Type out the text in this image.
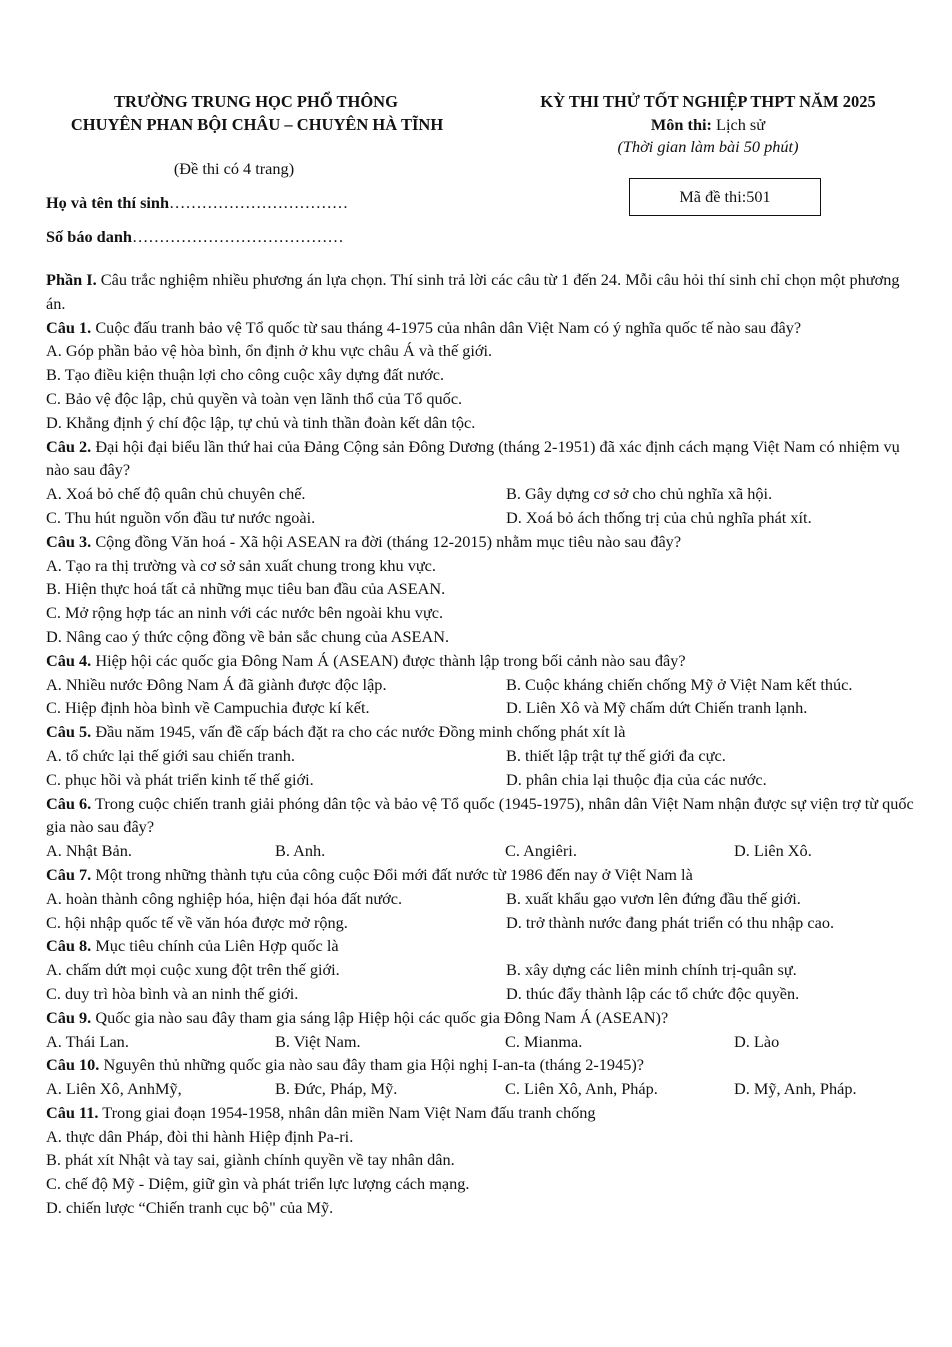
TRƯỜNG TRUNG HỌC PHỔ THÔNG
CHUYÊN PHAN BỘI CHÂU – CHUYÊN HÀ TĨNH
(Đề thi có 4 trang)
KỲ THI THỬ TỐT NGHIỆP THPT NĂM 2025
Môn thi: Lịch sử
(Thời gian làm bài 50 phút)
Mã đề thi:501
Họ và tên thí sinh……………………………
Số báo danh…………………………………

Phần I. Câu trắc nghiệm nhiều phương án lựa chọn. Thí sinh trả lời các câu từ 1 đến 24. Mỗi câu hỏi thí sinh chỉ chọn một phương án.

Câu 1. Cuộc đấu tranh bảo vệ Tổ quốc từ sau tháng 4-1975 của nhân dân Việt Nam có ý nghĩa quốc tế nào sau đây?

A. Góp phần bảo vệ hòa bình, ổn định ở khu vực châu Á và thế giới.
B. Tạo điều kiện thuận lợi cho công cuộc xây dựng đất nước.
C. Bảo vệ độc lập, chủ quyền và toàn vẹn lãnh thổ của Tổ quốc.
D. Khẳng định ý chí độc lập, tự chủ và tinh thần đoàn kết dân tộc.

Câu 2. Đại hội đại biểu lần thứ hai của Đảng Cộng sản Đông Dương (tháng 2-1951) đã xác định cách mạng Việt Nam có nhiệm vụ nào sau đây?

A. Xoá bỏ chế độ quân chủ chuyên chế.	B. Gây dựng cơ sở cho chủ nghĩa xã hội.
C. Thu hút nguồn vốn đầu tư nước ngoài.	D. Xoá bỏ ách thống trị của chủ nghĩa phát xít.

Câu 3. Cộng đồng Văn hoá - Xã hội ASEAN ra đời (tháng 12-2015) nhằm mục tiêu nào sau đây?

A. Tạo ra thị trường và cơ sở sản xuất chung trong khu vực.
B. Hiện thực hoá tất cả những mục tiêu ban đầu của ASEAN.
C. Mở rộng hợp tác an ninh với các nước bên ngoài khu vực.
D. Nâng cao ý thức cộng đồng về bản sắc chung của ASEAN.

Câu 4. Hiệp hội các quốc gia Đông Nam Á (ASEAN) được thành lập trong bối cảnh nào sau đây?

A. Nhiều nước Đông Nam Á đã giành được độc lập.	B. Cuộc kháng chiến chống Mỹ ở Việt Nam kết thúc.
C. Hiệp định hòa bình về Campuchia được kí kết.	D. Liên Xô và Mỹ chấm dứt Chiến tranh lạnh.

Câu 5. Đầu năm 1945, vấn đề cấp bách đặt ra cho các nước Đồng minh chống phát xít là

A. tổ chức lại thế giới sau chiến tranh.	B. thiết lập trật tự thế giới đa cực.
C. phục hồi và phát triển kinh tế thế giới.	D. phân chia lại thuộc địa của các nước.

Câu 6. Trong cuộc chiến tranh giải phóng dân tộc và bảo vệ Tổ quốc (1945-1975), nhân dân Việt Nam nhận được sự viện trợ từ quốc gia nào sau đây?

A. Nhật Bản.	B. Anh.	C. Angiêri.	D. Liên Xô.

Câu 7. Một trong những thành tựu của công cuộc Đổi mới đất nước từ 1986 đến nay ở Việt Nam là

A. hoàn thành công nghiệp hóa, hiện đại hóa đất nước.	B. xuất khẩu gạo vươn lên đứng đầu thế giới.
C. hội nhập quốc tế về văn hóa được mở rộng.	D. trở thành nước đang phát triển có thu nhập cao.

Câu 8. Mục tiêu chính của Liên Hợp quốc là

A. chấm dứt mọi cuộc xung đột trên thế giới.	B. xây dựng các liên minh chính trị-quân sự.
C. duy trì hòa bình và an ninh thế giới.	D. thúc đẩy thành lập các tổ chức độc quyền.

Câu 9. Quốc gia nào sau đây tham gia sáng lập Hiệp hội các quốc gia Đông Nam Á (ASEAN)?

A. Thái Lan.	B. Việt Nam.	C. Mianma.	D. Lào

Câu 10. Nguyên thủ những quốc gia nào sau đây tham gia Hội nghị I-an-ta (tháng 2-1945)?

A. Liên Xô, AnhMỹ,	B. Đức, Pháp, Mỹ.	C. Liên Xô, Anh, Pháp.	D. Mỹ, Anh, Pháp.

Câu 11. Trong giai đoạn 1954-1958, nhân dân miền Nam Việt Nam đấu tranh chống

A. thực dân Pháp, đòi thi hành Hiệp định Pa-ri.
B. phát xít Nhật và tay sai, giành chính quyền về tay nhân dân.
C. chế độ Mỹ - Diệm, giữ gìn và phát triển lực lượng cách mạng.
D. chiến lược “Chiến tranh cục bộ" của Mỹ.
